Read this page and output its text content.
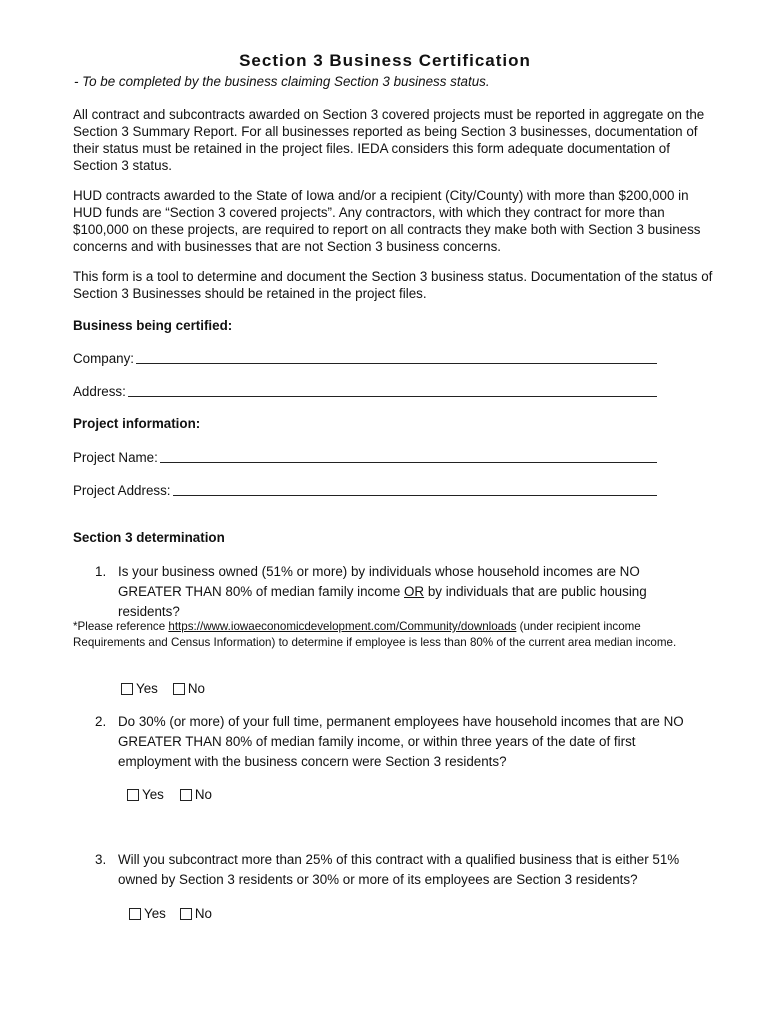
Section 3 Business Certification
- To be completed by the business claiming Section 3 business status.
All contract and subcontracts awarded on Section 3 covered projects must be reported in aggregate on the Section 3 Summary Report. For all businesses reported as being Section 3 businesses, documentation of their status must be retained in the project files. IEDA considers this form adequate documentation of Section 3 status.
HUD contracts awarded to the State of Iowa and/or a recipient (City/County) with more than $200,000 in HUD funds are “Section 3 covered projects”. Any contractors, with which they contract for more than $100,000 on these projects, are required to report on all contracts they make both with Section 3 business concerns and with businesses that are not Section 3 business concerns.
This form is a tool to determine and document the Section 3 business status. Documentation of the status of Section 3 Businesses should be retained in the project files.
Business being certified:
Company:
Address:
Project information:
Project Name:
Project Address:
Section 3 determination
1. Is your business owned (51% or more) by individuals whose household incomes are NO GREATER THAN 80% of median family income OR by individuals that are public housing residents?
*Please reference https://www.iowaeconomicdevelopment.com/Community/downloads (under recipient income Requirements and Census Information) to determine if employee is less than 80% of the current area median income.
Yes No
2. Do 30% (or more) of your full time, permanent employees have household incomes that are NO GREATER THAN 80% of median family income, or within three years of the date of first employment with the business concern were Section 3 residents?
Yes No
3. Will you subcontract more than 25% of this contract with a qualified business that is either 51% owned by Section 3 residents or 30% or more of its employees are Section 3 residents?
Yes No
